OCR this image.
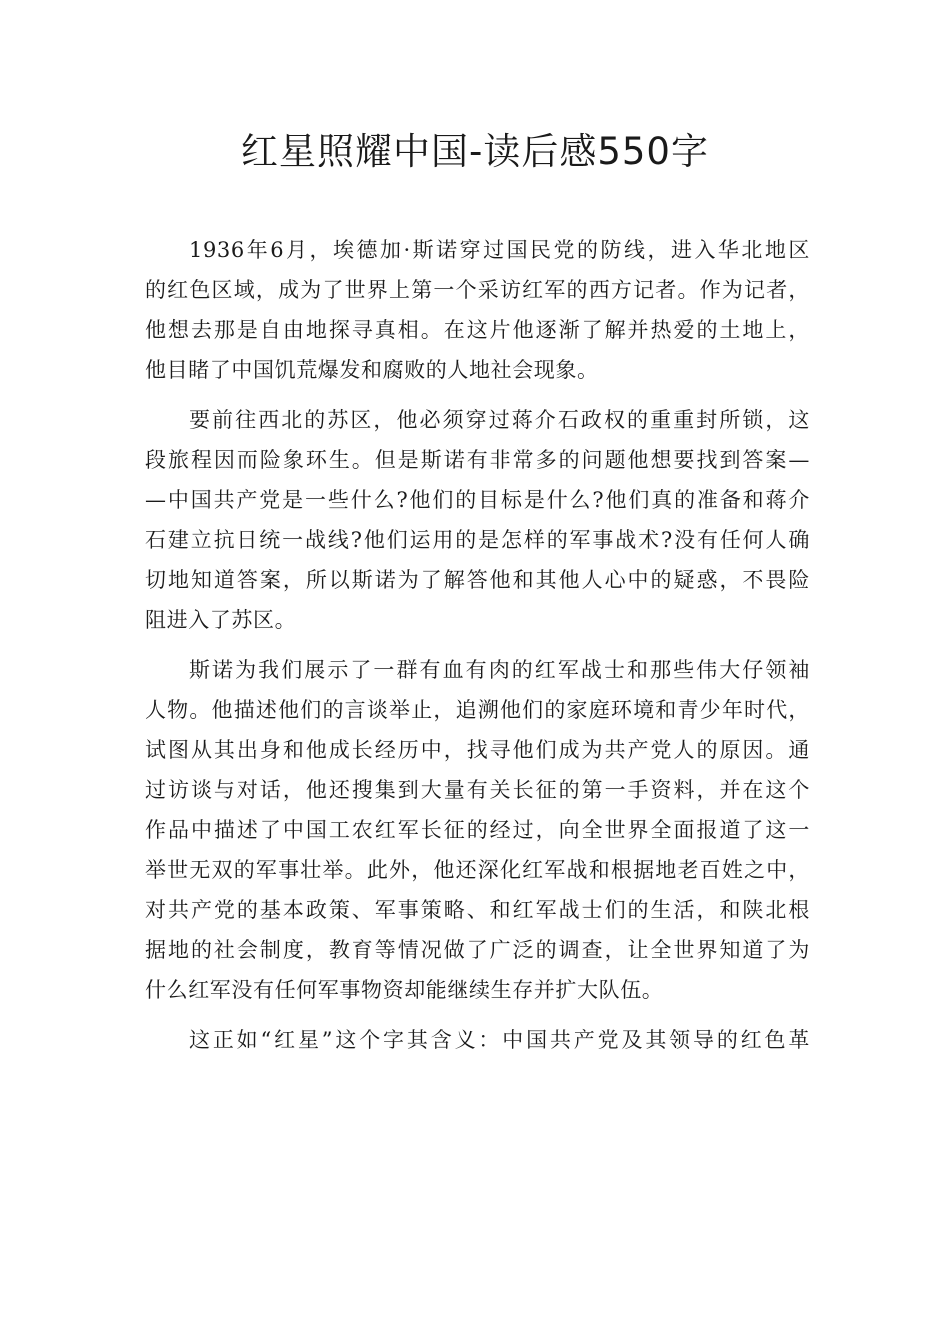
红星照耀中国-读后感550字

1936年6月，埃德加·斯诺穿过国民党的防线，进入华北地区
的红色区域，成为了世界上第一个采访红军的西方记者。作为记者，
他想去那是自由地探寻真相。在这片他逐渐了解并热爱的土地上，
他目睹了中国饥荒爆发和腐败的人地社会现象。

要前往西北的苏区，他必须穿过蒋介石政权的重重封所锁，这
段旅程因而险象环生。但是斯诺有非常多的问题他想要找到答案—
—中国共产党是一些什么?他们的目标是什么?他们真的准备和蒋介
石建立抗日统一战线?他们运用的是怎样的军事战术?没有任何人确
切地知道答案，所以斯诺为了解答他和其他人心中的疑惑，不畏险
阻进入了苏区。

斯诺为我们展示了一群有血有肉的红军战士和那些伟大仔领袖
人物。他描述他们的言谈举止，追溯他们的家庭环境和青少年时代，
试图从其出身和他成长经历中，找寻他们成为共产党人的原因。通
过访谈与对话，他还搜集到大量有关长征的第一手资料，并在这个
作品中描述了中国工农红军长征的经过，向全世界全面报道了这一
举世无双的军事壮举。此外，他还深化红军战和根据地老百姓之中，
对共产党的基本政策、军事策略、和红军战士们的生活，和陕北根
据地的社会制度，教育等情况做了广泛的调查，让全世界知道了为
什么红军没有任何军事物资却能继续生存并扩大队伍。

这正如“红星”这个字其含义：中国共产党及其领导的红色革
